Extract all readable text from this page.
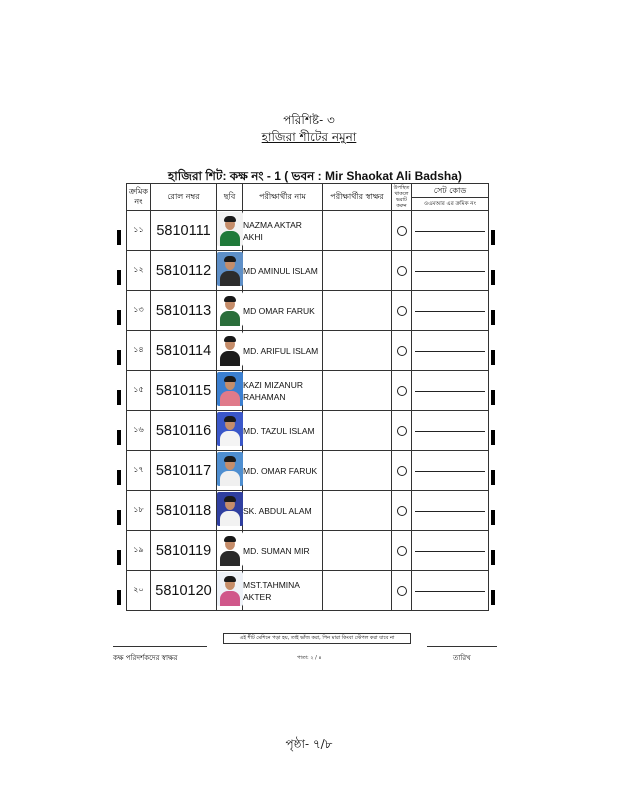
পরিশিষ্ট- ৩
হাজিরা শীটের নমুনা
হাজিরা শিট: কক্ষ নং - 1 ( ভবন : Mir Shaokat Ali Badsha)
ক্রমিক নং	রোল নম্বর	ছবি	পরীক্ষার্থীর নাম	পরীক্ষার্থীর স্বাক্ষর	উপস্থিত থাকলে ভরাট করুন	সেট কোড
ওএমআর এর ক্রমিক নং

১১	5810111		NAZMA AKTAR AKHI			

১২	5810112		MD AMINUL ISLAM			

১৩	5810113		MD OMAR FARUK			

১৪	5810114		MD. ARIFUL ISLAM			

১৫	5810115		KAZI MIZANUR RAHAMAN			

১৬	5810116		MD. TAZUL ISLAM			

১৭	5810117		MD. OMAR FARUK			

১৮	5810118		SK. ABDUL ALAM			

১৯	5810119		MD. SUMAN MIR			

২০	5810120		MST.TAHMINA AKTER			
কক্ষ পরিদর্শকদের স্বাক্ষর
এই শীট মেশিনে পড়া হয়, তাই ভাঁজ করা, পিন মারা কিংবা স্টেপল করা যাবে না
পাতা: ২ / ৪	তারিখ
পৃষ্ঠা- ৭/৮
